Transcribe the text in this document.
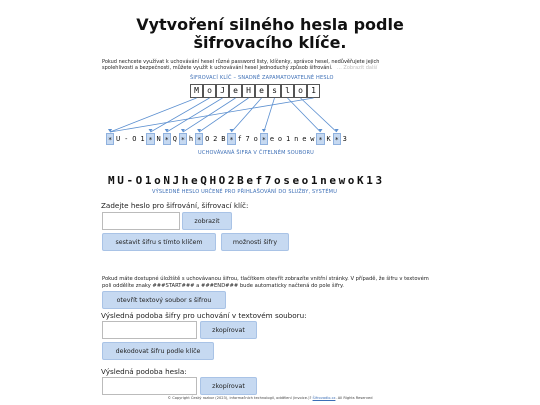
Vytvoření silného hesla podle šifrovacího klíče.
Pokud nechcete využívat k uchovávání hesel různé password listy, klíčenky, správce hesel, nedůvěřujete jejich spolehlivosti a bezpečnosti, můžete využít k uchovávání hesel jednoduchý způsob šifrování. ... Zobrazit další
ŠIFROVACÍ KLÍČ – SNADNĚ ZAPAMATOVATELNÉ HESLO
M	o	J	e	H	e	s	l	o	1
* U - O 1 * N * Q * h * O 2 B * f 7 o * e o 1 n e w * K * 3
UCHOVÁVANÁ ŠIFRA V ČITELNÉM SOUBORU
MU-O1oNJheQHO2Bef7oseo1newoK13
VÝSLEDNÉ HESLO URČENÉ PRO PŘIHLAŠOVÁNÍ DO SLUŽBY, SYSTÉMU
Zadejte heslo pro šifrování, šifrovací klíč:
zobrazit
sestavit šifru s tímto klíčem	možnosti šifry
Pokud máte dostupné úložiště s uchovávanou šifrou, tlačítkem otevřít zobrazíte vnitřní stránky. V případě, že šifru v textovém poli oddělíte znaky ###START### a ###END### bude automaticky načtená do pole šifry.
otevřít textový soubor s šifrou
Výsledná podoba šifry pro uchování v textovém souboru:
zkopírovat
dekodovat šifru podle klíče
Výsledná podoba hesla:
zkopírovat
© Copyright Český rozbor (2023), informačních technologií, oddělení (invoice.)? Šifrovadlo.cz. All Rights Reserved
